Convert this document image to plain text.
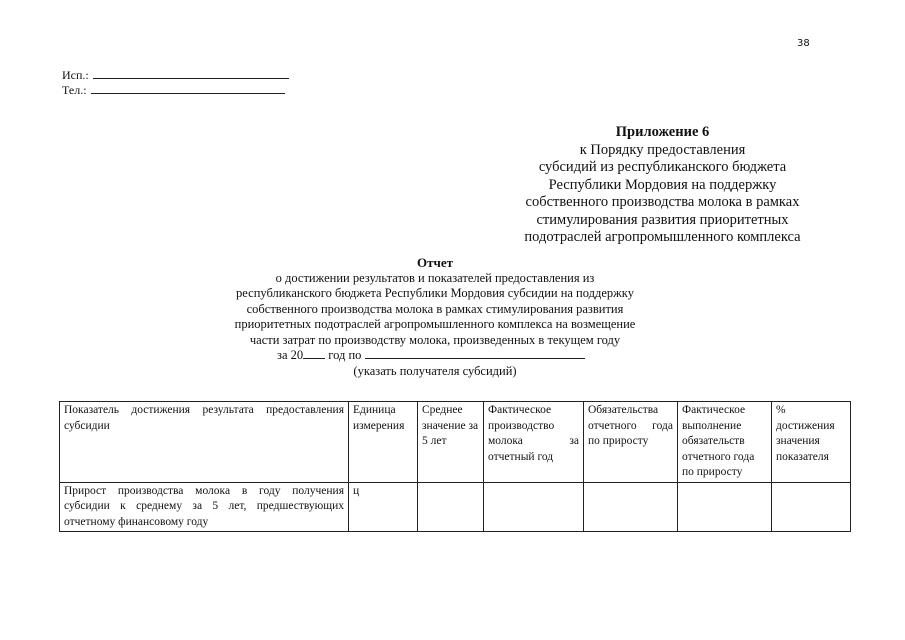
38
Исп.:
Тел.:
Приложение 6
к Порядку предоставления
субсидий из республиканского бюджета
Республики Мордовия на поддержку
собственного производства молока в рамках
стимулирования развития приоритетных
подотраслей агропромышленного комплекса
Отчет
о достижении результатов и показателей предоставления из
республиканского бюджета Республики Мордовия субсидии на поддержку
собственного производства молока в рамках стимулирования развития
приоритетных подотраслей агропромышленного комплекса на возмещение
части затрат по производству молока, произведенных в текущем году
за 20 год по
(указать получателя субсидий)
Показатель достижения результата предоставления субсидии	Единица измерения	Среднее значение за 5 лет	Фактическое производство молока за отчетный год	Обязательства отчетного года по приросту	Фактическое выполнение обязательств отчетного года по приросту	% достижения значения показателя
Прирост производства молока в году получения субсидии к среднему за 5 лет, предшествующих отчетному финансовому году	ц					
